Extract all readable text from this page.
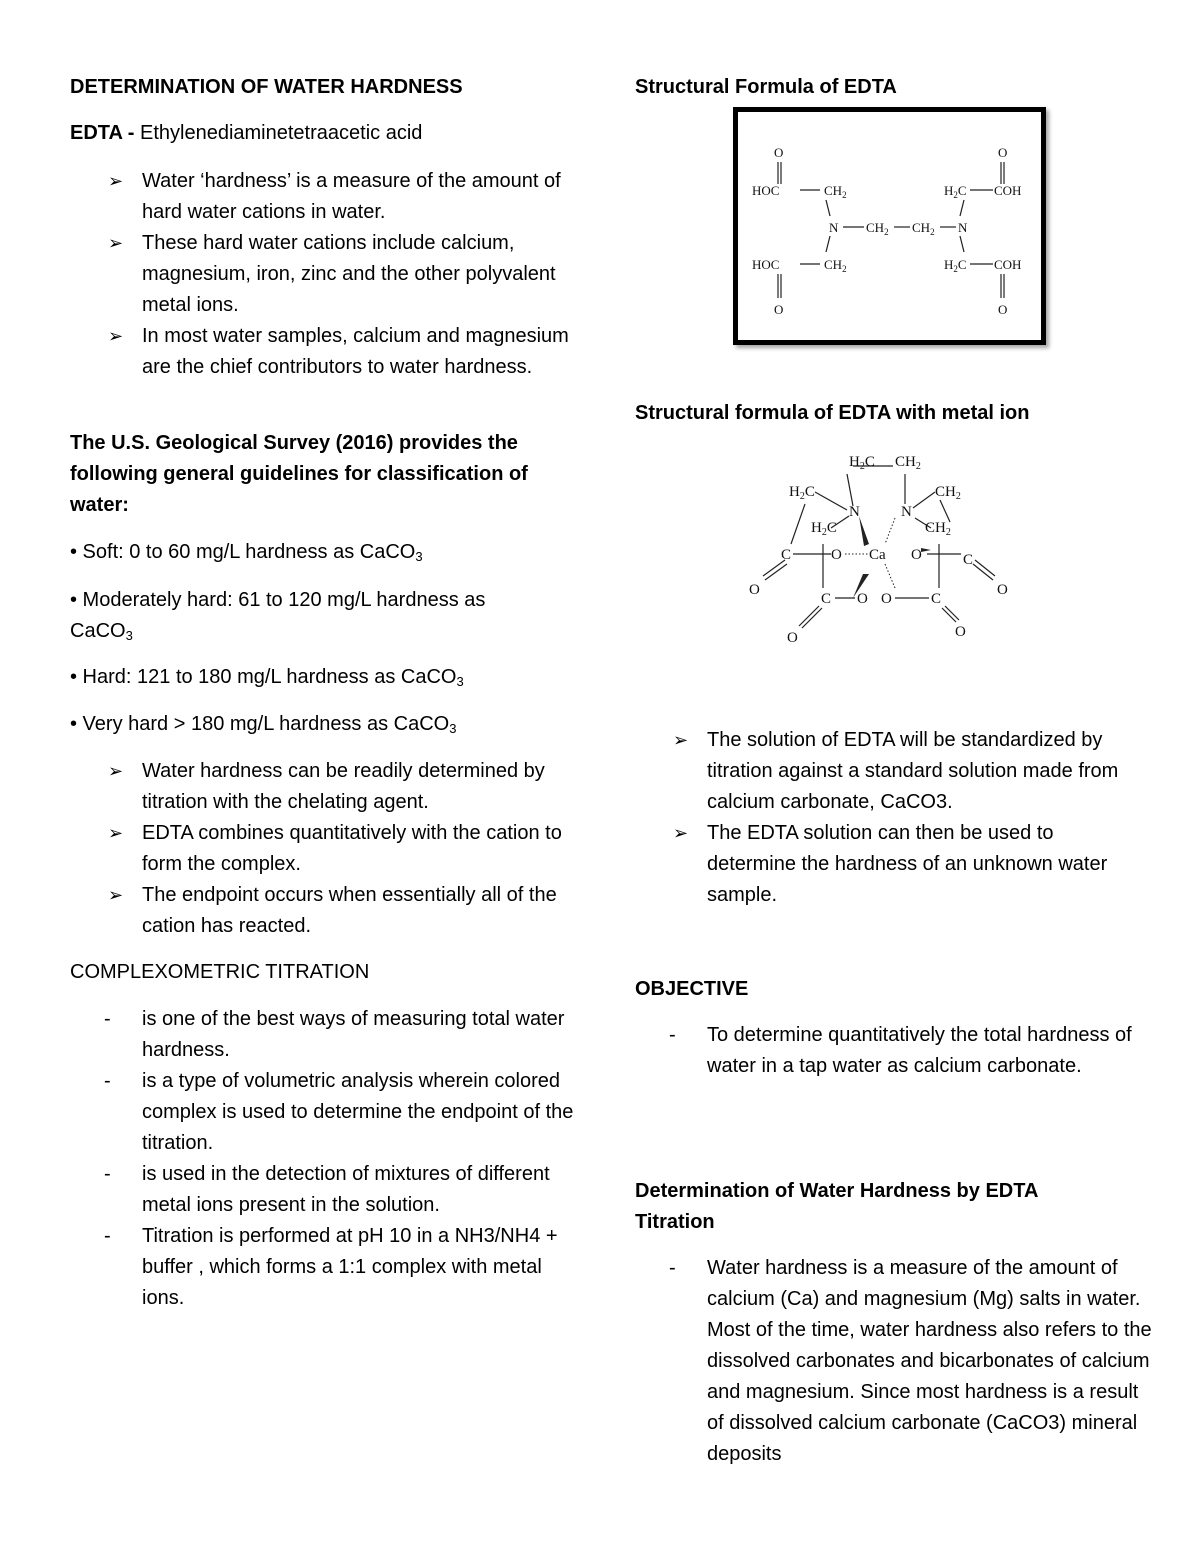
DETERMINATION OF WATER HARDNESS
EDTA - Ethylenediaminetetraacetic acid
➢ Water ‘hardness’ is a measure of the amount of hard water cations in water.
➢ These hard water cations include calcium, magnesium, iron, zinc and the other polyvalent metal ions.
➢ In most water samples, calcium and magnesium are the chief contributors to water hardness.
The U.S. Geological Survey (2016) provides the following general guidelines for classification of water:
• Soft: 0 to 60 mg/L hardness as CaCO$_3$
• Moderately hard: 61 to 120 mg/L hardness as CaCO$_3$
• Hard: 121 to 180 mg/L hardness as CaCO$_3$
• Very hard > 180 mg/L hardness as CaCO$_3$
➢ Water hardness can be readily determined by titration with the chelating agent.
➢ EDTA combines quantitatively with the cation to form the complex.
➢ The endpoint occurs when essentially all of the cation has reacted.
COMPLEXOMETRIC TITRATION
- is one of the best ways of measuring total water hardness.
- is a type of volumetric analysis wherein colored complex is used to determine the endpoint of the titration.
- is used in the detection of mixtures of different metal ions present in the solution.
- Titration is performed at pH 10 in a NH3/NH4 + buffer , which forms a 1:1 complex with metal ions.
Structural Formula of EDTA
O
HOC	$CH_2$
N $CH_2$ $CH_2$ N
HOC	$CH_2$
O
$H_2C$ COH
O
$H_2C$ COH
O
Structural formula of EDTA with metal ion
$H_2C$ $CH_2$
$H_2C$	$CH_2$
N	N
$H_2C$	$CH_2$
C	O Ca O	C
O	O
C O O	C
O	O
➢ The solution of EDTA will be standardized by titration against a standard solution made from calcium carbonate, CaCO3.
➢ The EDTA solution can then be used to determine the hardness of an unknown water sample.
OBJECTIVE
- To determine quantitatively the total hardness of water in a tap water as calcium carbonate.
Determination of Water Hardness by EDTA Titration
- Water hardness is a measure of the amount of calcium (Ca) and magnesium (Mg) salts in water. Most of the time, water hardness also refers to the dissolved carbonates and bicarbonates of calcium and magnesium. Since most hardness is a result of dissolved calcium carbonate (CaCO3) mineral deposits
